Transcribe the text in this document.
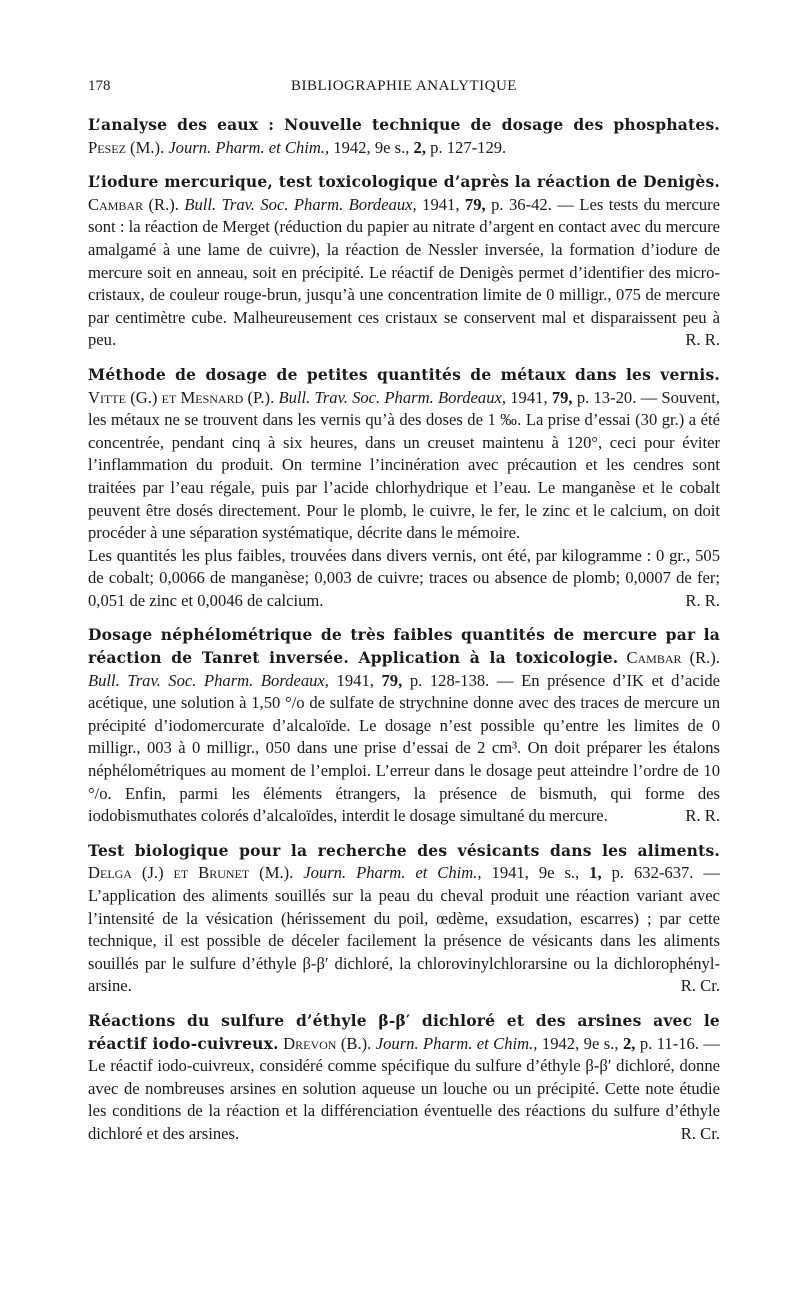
178	BIBLIOGRAPHIE ANALYTIQUE

L’analyse des eaux : Nouvelle technique de dosage des phosphates. Pesez (M.). Journ. Pharm. et Chim., 1942, 9e s., 2, p. 127-129.

L’iodure mercurique, test toxicologique d’après la réaction de Denigès. Cambar (R.). Bull. Trav. Soc. Pharm. Bordeaux, 1941, 79, p. 36-42. — Les tests du mercure sont : la réaction de Merget (réduction du papier au nitrate d’argent en contact avec du mercure amalgamé à une lame de cuivre), la réaction de Nessler inversée, la formation d’iodure de mercure soit en anneau, soit en précipité. Le réactif de Denigès permet d’identifier des micro-cristaux, de couleur rouge-brun, jusqu’à une concentration limite de 0 milligr., 075 de mercure par centimètre cube. Malheureusement ces cristaux se conservent mal et disparaissent peu à peu.	R. R.

Méthode de dosage de petites quantités de métaux dans les vernis. Vitte (G.) et Mesnard (P.). Bull. Trav. Soc. Pharm. Bordeaux, 1941, 79, p. 13-20. — Souvent, les métaux ne se trouvent dans les vernis qu’à des doses de 1 ‰. La prise d’essai (30 gr.) a été concentrée, pendant cinq à six heures, dans un creuset maintenu à 120°, ceci pour éviter l’inflammation du produit. On termine l’incinération avec précaution et les cendres sont traitées par l’eau régale, puis par l’acide chlorhydrique et l’eau. Le manganèse et le cobalt peuvent être dosés directement. Pour le plomb, le cuivre, le fer, le zinc et le calcium, on doit procéder à une séparation systématique, décrite dans le mémoire.

Les quantités les plus faibles, trouvées dans divers vernis, ont été, par kilogramme : 0 gr., 505 de cobalt; 0,0066 de manganèse; 0,003 de cuivre; traces ou absence de plomb; 0,0007 de fer; 0,051 de zinc et 0,0046 de calcium.	R. R.

Dosage néphélométrique de très faibles quantités de mercure par la réaction de Tanret inversée. Application à la toxicologie. Cambar (R.). Bull. Trav. Soc. Pharm. Bordeaux, 1941, 79, p. 128-138. — En présence d’IK et d’acide acétique, une solution à 1,50 °/o de sulfate de strychnine donne avec des traces de mercure un précipité d’iodomercurate d’alcaloïde. Le dosage n’est possible qu’entre les limites de 0 milligr., 003 à 0 milligr., 050 dans une prise d’essai de 2 cm³. On doit préparer les étalons néphélométriques au moment de l’emploi. L’erreur dans le dosage peut atteindre l’ordre de 10 °/o. Enfin, parmi les éléments étrangers, la présence de bismuth, qui forme des iodobismuthates colorés d’alcaloïdes, interdit le dosage simultané du mercure.	R. R.

Test biologique pour la recherche des vésicants dans les aliments. Delga (J.) et Brunet (M.). Journ. Pharm. et Chim., 1941, 9e s., 1, p. 632-637. — L’application des aliments souillés sur la peau du cheval produit une réaction variant avec l’intensité de la vésication (hérissement du poil, œdème, exsudation, escarres) ; par cette technique, il est possible de déceler facilement la présence de vésicants dans les aliments souillés par le sulfure d’éthyle β-β′ dichloré, la chlorovinylchlorarsine ou la dichlorophényl-arsine.	R. Cr.

Réactions du sulfure d’éthyle β-β′ dichloré et des arsines avec le réactif iodo-cuivreux. Drevon (B.). Journ. Pharm. et Chim., 1942, 9e s., 2, p. 11-16. — Le réactif iodo-cuivreux, considéré comme spécifique du sulfure d’éthyle β-β′ dichloré, donne avec de nombreuses arsines en solution aqueuse un louche ou un précipité. Cette note étudie les conditions de la réaction et la différenciation éventuelle des réactions du sulfure d’éthyle dichloré et des arsines.	R. Cr.
